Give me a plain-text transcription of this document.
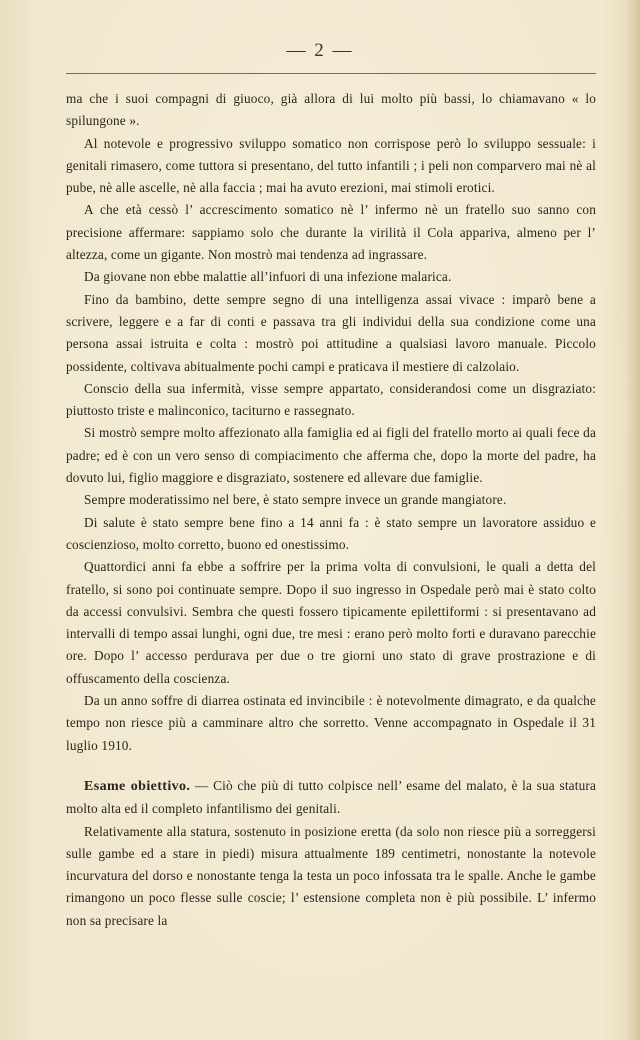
— 2 —

ma che i suoi compagni di giuoco, già allora di lui molto più bassi, lo chiamavano « lo spilungone ».

Al notevole e progressivo sviluppo somatico non corrispose però lo sviluppo sessuale: i genitali rimasero, come tuttora si presentano, del tutto infantili ; i peli non comparvero mai nè al pube, nè alle ascelle, nè alla faccia ; mai ha avuto erezioni, mai stimoli erotici.

A che età cessò l’ accrescimento somatico nè l’ infermo nè un fratello suo sanno con precisione affermare: sappiamo solo che durante la virilità il Cola appariva, almeno per l’ altezza, come un gigante. Non mostrò mai tendenza ad ingrassare.

Da giovane non ebbe malattie all’infuori di una infezione malarica.

Fino da bambino, dette sempre segno di una intelligenza assai vivace : imparò bene a scrivere, leggere e a far di conti e passava tra gli individui della sua condizione come una persona assai istruita e colta : mostrò poi attitudine a qualsiasi lavoro manuale. Piccolo possidente, coltivava abitualmente pochi campi e praticava il mestiere di calzolaio.

Conscio della sua infermità, visse sempre appartato, considerandosi come un disgraziato: piuttosto triste e malinconico, taciturno e rassegnato.

Si mostrò sempre molto affezionato alla famiglia ed ai figli del fratello morto ai quali fece da padre; ed è con un vero senso di compiacimento che afferma che, dopo la morte del padre, ha dovuto lui, figlio maggiore e disgraziato, sostenere ed allevare due famiglie.

Sempre moderatissimo nel bere, è stato sempre invece un grande mangiatore.

Di salute è stato sempre bene fino a 14 anni fa : è stato sempre un lavoratore assiduo e coscienzioso, molto corretto, buono ed onestissimo.

Quattordici anni fa ebbe a soffrire per la prima volta di convulsioni, le quali a detta del fratello, si sono poi continuate sempre. Dopo il suo ingresso in Ospedale però mai è stato colto da accessi convulsivi. Sembra che questi fossero tipicamente epilettiformi : si presentavano ad intervalli di tempo assai lunghi, ogni due, tre mesi : erano però molto forti e duravano parecchie ore. Dopo l’ accesso perdurava per due o tre giorni uno stato di grave prostrazione e di offuscamento della coscienza.

Da un anno soffre di diarrea ostinata ed invincibile : è notevolmente dimagrato, e da qualche tempo non riesce più a camminare altro che sorretto. Venne accompagnato in Ospedale il 31 luglio 1910.

Esame obiettivo. — Ciò che più di tutto colpisce nell’ esame del malato, è la sua statura molto alta ed il completo infantilismo dei genitali.

Relativamente alla statura, sostenuto in posizione eretta (da solo non riesce più a sorreggersi sulle gambe ed a stare in piedi) misura attualmente 189 centimetri, nonostante la notevole incurvatura del dorso e nonostante tenga la testa un poco infossata tra le spalle. Anche le gambe rimangono un poco flesse sulle coscie; l’ estensione completa non è più possibile. L’ infermo non sa precisare la
